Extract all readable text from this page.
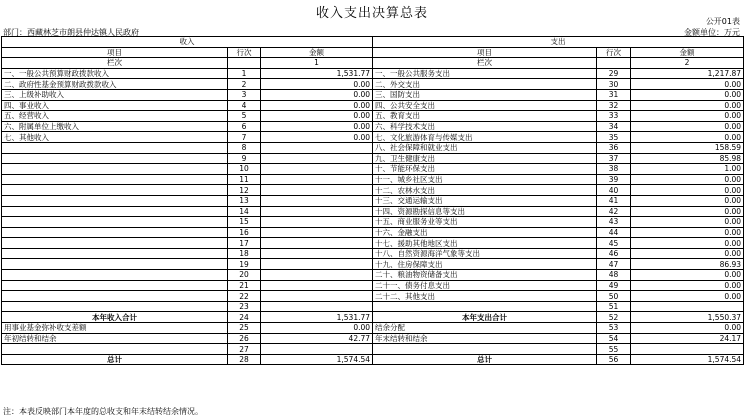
收入支出决算总表
公开01表
部门：西藏林芝市朗县仲达镇人民政府	金额单位：万元
收入			支出		
项目	行次	金额	项目	行次	金额
栏次		1	栏次		2
一、一般公共预算财政拨款收入	1	1,531.77	一、一般公共服务支出	29	1,217.87
二、政府性基金预算财政拨款收入	2	0.00	二、外交支出	30	0.00
三、上级补助收入	3	0.00	三、国防支出	31	0.00
四、事业收入	4	0.00	四、公共安全支出	32	0.00
五、经营收入	5	0.00	五、教育支出	33	0.00
六、附属单位上缴收入	6	0.00	六、科学技术支出	34	0.00
七、其他收入	7	0.00	七、文化旅游体育与传媒支出	35	0.00
	8		八、社会保障和就业支出	36	158.59
	9		九、卫生健康支出	37	85.98
	10		十、节能环保支出	38	1.00
	11		十一、城乡社区支出	39	0.00
	12		十二、农林水支出	40	0.00
	13		十三、交通运输支出	41	0.00
	14		十四、资源勘探信息等支出	42	0.00
	15		十五、商业服务业等支出	43	0.00
	16		十六、金融支出	44	0.00
	17		十七、援助其他地区支出	45	0.00
	18		十八、自然资源海洋气象等支出	46	0.00
	19		十九、住房保障支出	47	86.93
	20		二十、粮油物资储备支出	48	0.00
	21		二十一、债务付息支出	49	0.00
	22		二十二、其他支出	50	0.00
	23			51	
本年收入合计	24	1,531.77	本年支出合计	52	1,550.37
用事业基金弥补收支差额	25	0.00	结余分配	53	0.00
年初结转和结余	26	42.77	年末结转和结余	54	24.17
	27			55	
总计	28	1,574.54	总计	56	1,574.54
注：本表反映部门本年度的总收支和年末结转结余情况。
